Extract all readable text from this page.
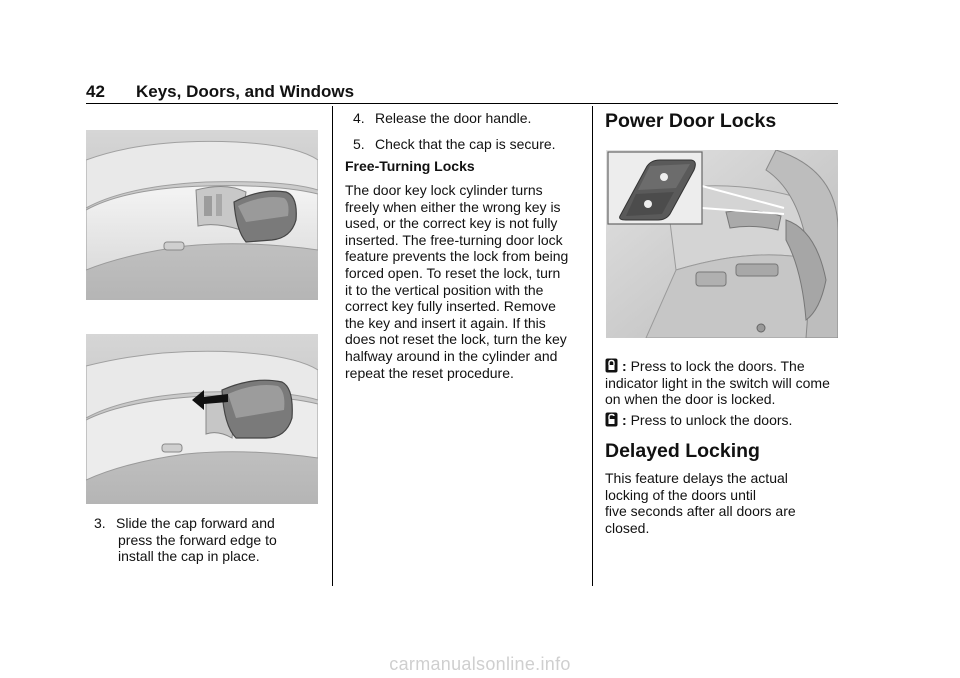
42 Keys, Doors, and Windows
3. Slide the cap forward and
press the forward edge to
install the cap in place.
4. Release the door handle.
5. Check that the cap is secure.
Free-Turning Locks
The door key lock cylinder turns
freely when either the wrong key is
used, or the correct key is not fully
inserted. The free-turning door lock
feature prevents the lock from being
forced open. To reset the lock, turn
it to the vertical position with the
correct key fully inserted. Remove
the key and insert it again. If this
does not reset the lock, turn the key
halfway around in the cylinder and
repeat the reset procedure.
Power Door Locks
: Press to lock the doors. The
indicator light in the switch will come
on when the door is locked.
: Press to unlock the doors.
Delayed Locking
This feature delays the actual
locking of the doors until
five seconds after all doors are
closed.
carmanualsonline.info
